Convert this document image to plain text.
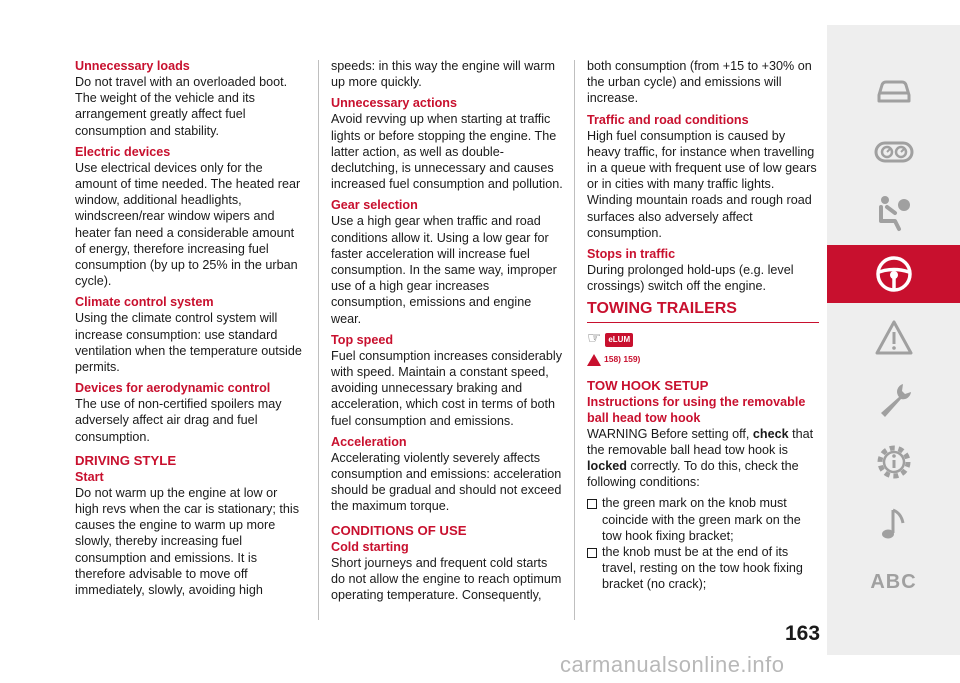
Unnecessary loads

Do not travel with an overloaded boot. The weight of the vehicle and its arrangement greatly affect fuel consumption and stability.

Electric devices

Use electrical devices only for the amount of time needed. The heated rear window, additional headlights, windscreen/rear window wipers and heater fan need a considerable amount of energy, therefore increasing fuel consumption (by up to 25% in the urban cycle).

Climate control system

Using the climate control system will increase consumption: use standard ventilation when the temperature outside permits.

Devices for aerodynamic control

The use of non-certified spoilers may adversely affect air drag and fuel consumption.

DRIVING STYLE
Start

Do not warm up the engine at low or high revs when the car is stationary; this causes the engine to warm up more slowly, thereby increasing fuel consumption and emissions. It is therefore advisable to move off immediately, slowly, avoiding high

speeds: in this way the engine will warm up more quickly.

Unnecessary actions

Avoid revving up when starting at traffic lights or before stopping the engine. The latter action, as well as double-declutching, is unnecessary and causes increased fuel consumption and pollution.

Gear selection

Use a high gear when traffic and road conditions allow it. Using a low gear for faster acceleration will increase fuel consumption. In the same way, improper use of a high gear increases consumption, emissions and engine wear.

Top speed

Fuel consumption increases considerably with speed. Maintain a constant speed, avoiding unnecessary braking and acceleration, which cost in terms of both fuel consumption and emissions.

Acceleration

Accelerating violently severely affects consumption and emissions: acceleration should be gradual and should not exceed the maximum torque.

CONDITIONS OF USE
Cold starting

Short journeys and frequent cold starts do not allow the engine to reach optimum operating temperature. Consequently,

both consumption (from +15 to +30% on the urban cycle) and emissions will increase.

Traffic and road conditions

High fuel consumption is caused by heavy traffic, for instance when travelling in a queue with frequent use of low gears or in cities with many traffic lights. Winding mountain roads and rough road surfaces also adversely affect consumption.

Stops in traffic

During prolonged hold-ups (e.g. level crossings) switch off the engine.

TOWING TRAILERS
☞ eLUM
158) 159)
TOW HOOK SETUP
Instructions for using the removable ball head tow hook

WARNING Before setting off, check that the removable ball head tow hook is locked correctly. To do this, check the following conditions:

the green mark on the knob must coincide with the green mark on the tow hook fixing bracket;
the knob must be at the end of its travel, resting on the tow hook fixing bracket (no crack);	ABC
163
carmanualsonline.info
